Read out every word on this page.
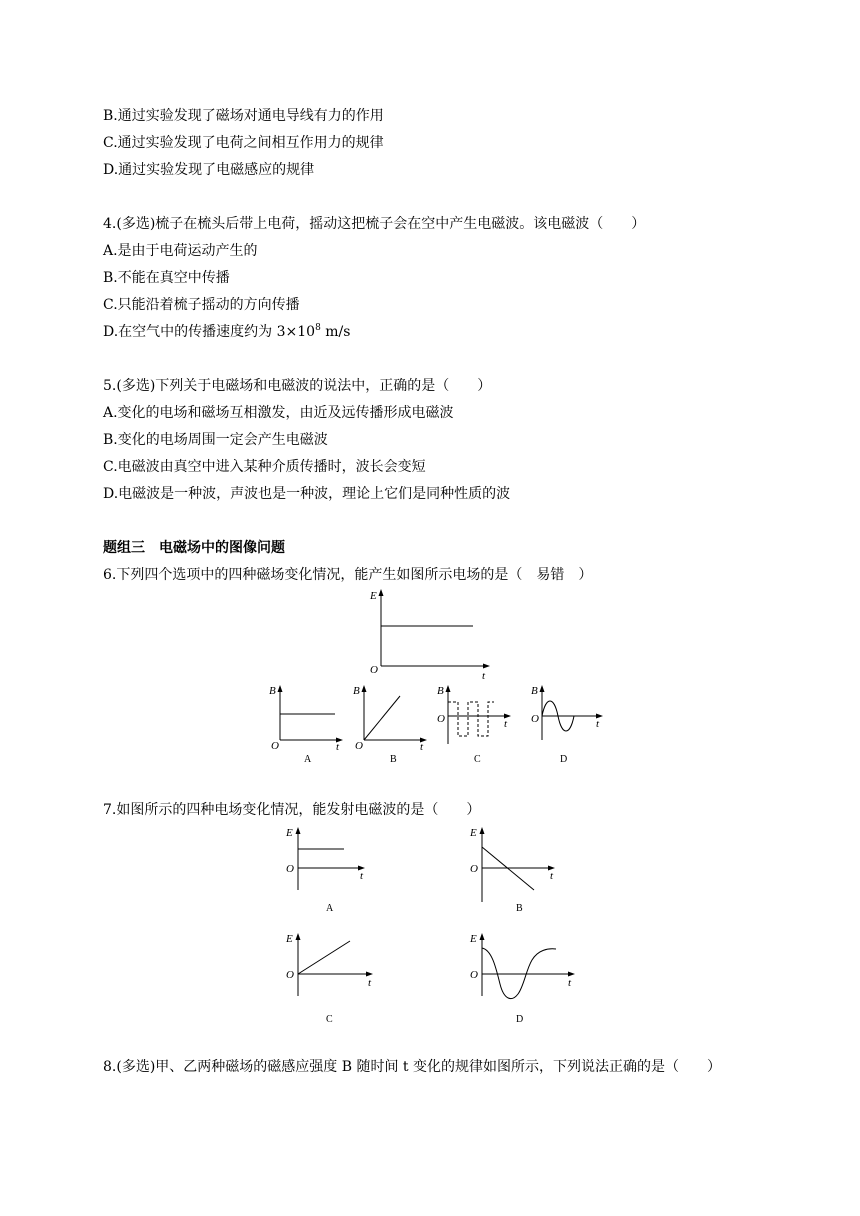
B.通过实验发现了磁场对通电导线有力的作用
C.通过实验发现了电荷之间相互作用力的规律
D.通过实验发现了电磁感应的规律
4.(多选)梳子在梳头后带上电荷，摇动这把梳子会在空中产生电磁波。该电磁波（　　）
A.是由于电荷运动产生的
B.不能在真空中传播
C.只能沿着梳子摇动的方向传播
D.在空气中的传播速度约为 $3\times 10^8$ m/s
5.(多选)下列关于电磁场和电磁波的说法中，正确的是（　　）
A.变化的电场和磁场互相激发，由近及远传播形成电磁波
B.变化的电场周围一定会产生电磁波
C.电磁波由真空中进入某种介质传播时，波长会变短
D.电磁波是一种波，声波也是一种波，理论上它们是同种性质的波
题组三　电磁场中的图像问题
6.下列四个选项中的四种磁场变化情况，能产生如图所示电场的是（　易错　）
E
O	t
B
O	t
A
B
O	t
B
B
O	t
C
B
O	t
D
7.如图所示的四种电场变化情况，能发射电磁波的是（　　）
E
O
t
A
E
O
t
B
E
O
t
C
E
O
t
D
8.(多选)甲、乙两种磁场的磁感应强度 B 随时间 t 变化的规律如图所示，下列说法正确的是（　　）
